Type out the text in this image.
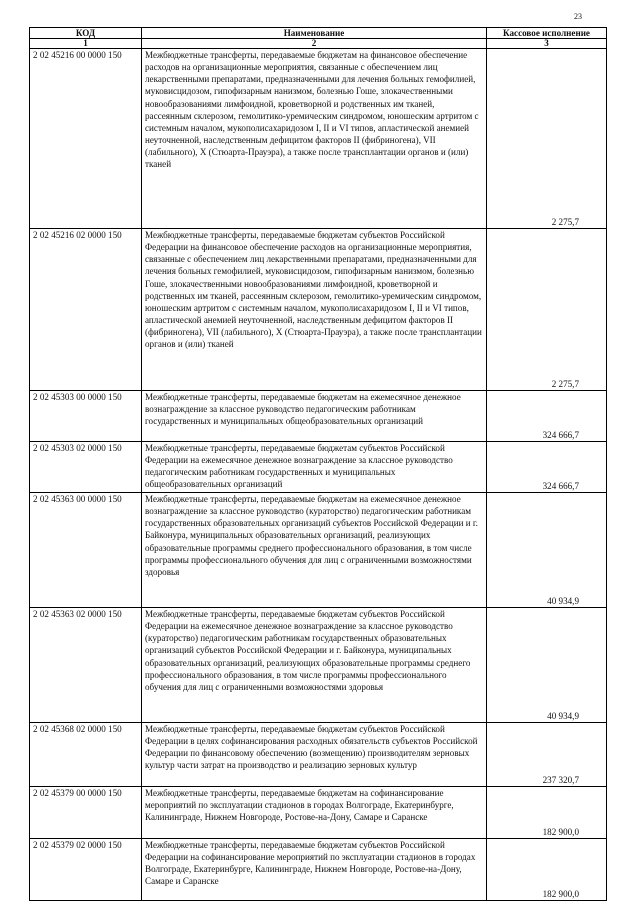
23
КОД	Наименование	Кассовое исполнение
1	2	3
2 02 45216 00 0000 150	Межбюджетные трансферты, передаваемые бюджетам на финансовое обеспечение расходов на организационные мероприятия, связанные с обеспечением лиц лекарственными препаратами, предназначенными для лечения больных гемофилией, муковисцидозом, гипофизарным нанизмом, болезнью Гоше, злокачественными новообразованиями лимфоидной, кроветворной и родственных им тканей, рассеянным склерозом, гемолитико-уремическим синдромом, юношеским артритом с системным началом, мукополисахаридозом I, II и VI типов, апластической анемией неуточненной, наследственным дефицитом факторов II (фибриногена), VII (лабильного), X (Стюарта-Прауэра), а также после трансплантации органов и (или) тканей	2 275,7
2 02 45216 02 0000 150	Межбюджетные трансферты, передаваемые бюджетам субъектов Российской Федерации на финансовое обеспечение расходов на организационные мероприятия, связанные с обеспечением лиц лекарственными препаратами, предназначенными для лечения больных гемофилией, муковисцидозом, гипофизарным нанизмом, болезнью Гоше, злокачественными новообразованиями лимфоидной, кроветворной и родственных им тканей, рассеянным склерозом, гемолитико-уремическим синдромом, юношеским артритом с системным началом, мукополисахаридозом I, II и VI типов, апластической анемией неуточненной, наследственным дефицитом факторов II (фибриногена), VII (лабильного), X (Стюарта-Прауэра), а также после трансплантации органов и (или) тканей	2 275,7
2 02 45303 00 0000 150	Межбюджетные трансферты, передаваемые бюджетам на ежемесячное денежное вознаграждение за классное руководство педагогическим работникам государственных и муниципальных общеобразовательных организаций	324 666,7
2 02 45303 02 0000 150	Межбюджетные трансферты, передаваемые бюджетам субъектов Российской Федерации на ежемесячное денежное вознаграждение за классное руководство педагогическим работникам государственных и муниципальных общеобразовательных организаций	324 666,7
2 02 45363 00 0000 150	Межбюджетные трансферты, передаваемые бюджетам на ежемесячное денежное вознаграждение за классное руководство (кураторство) педагогическим работникам государственных образовательных организаций субъектов Российской Федерации и г. Байконура, муниципальных образовательных организаций, реализующих образовательные программы среднего профессионального образования, в том числе программы профессионального обучения для лиц с ограниченными возможностями здоровья	40 934,9
2 02 45363 02 0000 150	Межбюджетные трансферты, передаваемые бюджетам субъектов Российской Федерации на ежемесячное денежное вознаграждение за классное руководство (кураторство) педагогическим работникам государственных образовательных организаций субъектов Российской Федерации и г. Байконура, муниципальных образовательных организаций, реализующих образовательные программы среднего профессионального образования, в том числе программы профессионального обучения для лиц с ограниченными возможностями здоровья	40 934,9
2 02 45368 02 0000 150	Межбюджетные трансферты, передаваемые бюджетам субъектов Российской Федерации в целях софинансирования расходных обязательств субъектов Российской Федерации по финансовому обеспечению (возмещению) производителям зерновых культур части затрат на производство и реализацию зерновых культур	237 320,7
2 02 45379 00 0000 150	Межбюджетные трансферты, передаваемые бюджетам на софинансирование мероприятий по эксплуатации стадионов в городах Волгограде, Екатеринбурге, Калининграде, Нижнем Новгороде, Ростове-на-Дону, Самаре и Саранске	182 900,0
2 02 45379 02 0000 150	Межбюджетные трансферты, передаваемые бюджетам субъектов Российской Федерации на софинансирование мероприятий по эксплуатации стадионов в городах Волгограде, Екатеринбурге, Калининграде, Нижнем Новгороде, Ростове-на-Дону, Самаре и Саранске	182 900,0
